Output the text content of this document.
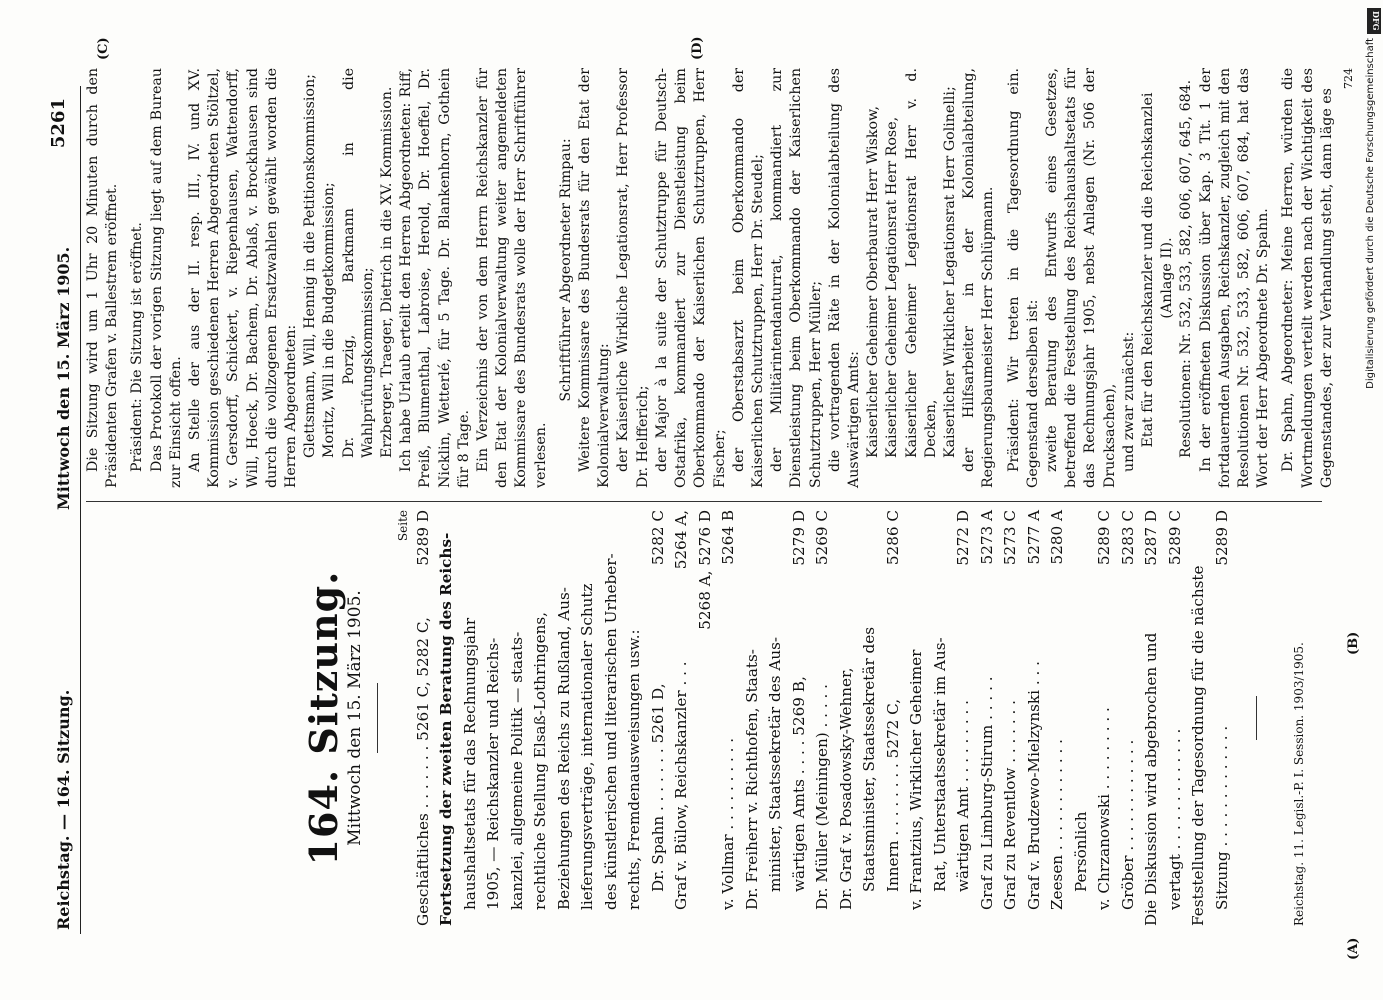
Reichstag. — 164. Sitzung.
Mittwoch den 15. März 1905.
5261
(A)
(B)
(C)	(D)
164. Sitzung.
Mittwoch den 15. März 1905.
Seite
Geschäftliches . . . . . . . 5261 C, 5282 C,
5289 D Fortsetzung der zweiten Beratung des Reichs- haushaltsetats für das Rechnungsjahr 1905, — Reichskanzler und Reichs- kanzlei, allgemeine Politik — staats- rechtliche Stellung Elsaß-Lothringens, Beziehungen des Reichs zu Rußland, Aus- lieferungsverträge, internationaler Schutz des künstlerischen und literarischen Urheber- rechts, Fremdenausweisungen usw.: Dr. Spahn . . . . . . . 5261 D,
5282 C
Graf v. Bülow, Reichskanzler . . .
5264 A, 5268 A, 5276 D
v. Vollmar . . . . . . . . . .
5264 B
Dr. Freiherr v. Richthofen, Staats- minister, Staatssekretär des Aus- wärtigen Amts . . . . 5269 B,
5279 D
Dr. Müller (Meiningen) . . . . .
5269 C
Dr. Graf v. Posadowsky-Wehner, Staatsminister, Staatssekretär des Innern . . . . . . . . 5272 C,
5286 C
v. Frantzius, Wirklicher Geheimer Rat, Unterstaatssekretär im Aus- wärtigen Amt . . . . . . . . .
5272 D
Graf zu Limburg-Stirum . . . . .
5273 A
Graf zu Reventlow . . . . . . .
5273 C
Graf v. Brudzewo-Mielzynski . . .
5277 A
Zeesen . . . . . . . . . . . .
5280 A
Persönlich v. Chrzanowski . . . . . . . . .
5289 C
Gröber . . . . . . . . . . . .
5283 C
Die Diskussion wird abgebrochen und
5287 D
vertagt . . . . . . . . . . . . .
5289 C
Feststellung der Tagesordnung für die nächste Sitzung . . . . . . . . . . . . .
5289 D
Reichstag. 11. Legisl.-P. I. Session. 1903/1905.

Die Sitzung wird um 1 Uhr 20 Minuten durch den Präsidenten Grafen v. Ballestrem eröffnet. Präsident: Die Sitzung ist eröffnet. Das Protokoll der vorigen Sitzung liegt auf dem Bureau zur Einsicht offen. An Stelle der aus der II. resp. III., IV. und XV. Kommission geschiedenen Herren Abgeordneten Stöltzel, v. Gersdorff, Schickert, v. Riepenhausen, Wattendorff, Will, Hoeck, Dr. Bachem, Dr. Ablaß, v. Brockhausen sind durch die vollzogenen Ersatzwahlen gewählt worden die Herren Abgeordneten: Glettsmann, Will, Hennig in die Petitionskommission; Moritz, Will in die Budgetkommission; Dr. Porzig, Barkmann in die Wahlprüfungskommission; Erzberger, Traeger, Dietrich in die XV. Kommission. Ich habe Urlaub erteilt den Herren Abgeordneten: Riff, Preiß, Blumenthal, Labroise, Herold, Dr. Hoeffel, Dr. Nicklin, Wetterlé, für 5 Tage. Dr. Blankenhorn, Gothein für 8 Tage. Ein Verzeichnis der von dem Herrn Reichskanzler für den Etat der Kolonialverwaltung weiter angemeldeten Kommissare des Bundesrats wolle der Herr Schriftführer verlesen.

Schriftführer Abgeordneter Rimpau: Weitere Kommissare des Bundesrats für den Etat der Kolonialverwaltung: der Kaiserliche Wirkliche Legationsrat, Herr Professor Dr. Helfferich; der Major à la suite der Schutztruppe für Deutsch-Ostafrika, kommandiert zur Dienstleistung beim Oberkommando der Kaiserlichen Schutztruppen, Herr Fischer; der Oberstabsarzt beim Oberkommando der Kaiserlichen Schutztruppen, Herr Dr. Steudel; der Militärintendanturrat, kommandiert zur Dienstleistung beim Oberkommando der Kaiserlichen Schutztruppen, Herr Müller; die vortragenden Räte in der Kolonialabteilung des Auswärtigen Amts: Kaiserlicher Geheimer Oberbaurat Herr Wiskow, Kaiserlicher Geheimer Legationsrat Herr Rose, Kaiserlicher Geheimer Legationsrat Herr v. d. Decken, Kaiserlicher Wirklicher Legationsrat Herr Golinelli; der Hilfsarbeiter in der Kolonialabteilung, Regierungsbaumeister Herr Schlüpmann. Präsident: Wir treten in die Tagesordnung ein. Gegenstand derselben ist: zweite Beratung des Entwurfs eines Gesetzes, betreffend die Feststellung des Reichshaushaltsetats für das Rechnungsjahr 1905, nebst Anlagen (Nr. 506 der Drucksachen), und zwar zunächst: Etat für den Reichskanzler und die Reichskanzlei (Anlage II). Resolutionen: Nr. 532, 533, 582, 606, 607, 645, 684. In der eröffneten Diskussion über Kap. 3 Tit. 1 der fortdauernden Ausgaben, Reichskanzler, zugleich mit den Resolutionen Nr. 532, 533, 582, 606, 607, 684, hat das Wort der Herr Abgeordnete Dr. Spahn. Dr. Spahn, Abgeordneter: Meine Herren, würden die Wortmeldungen verteilt werden nach der Wichtigkeit des Gegenstandes, der zur Verhandlung steht, dann läge es

724
DFG
Digitalisierung gefördert durch die Deutsche Forschungsgemeinschaft
